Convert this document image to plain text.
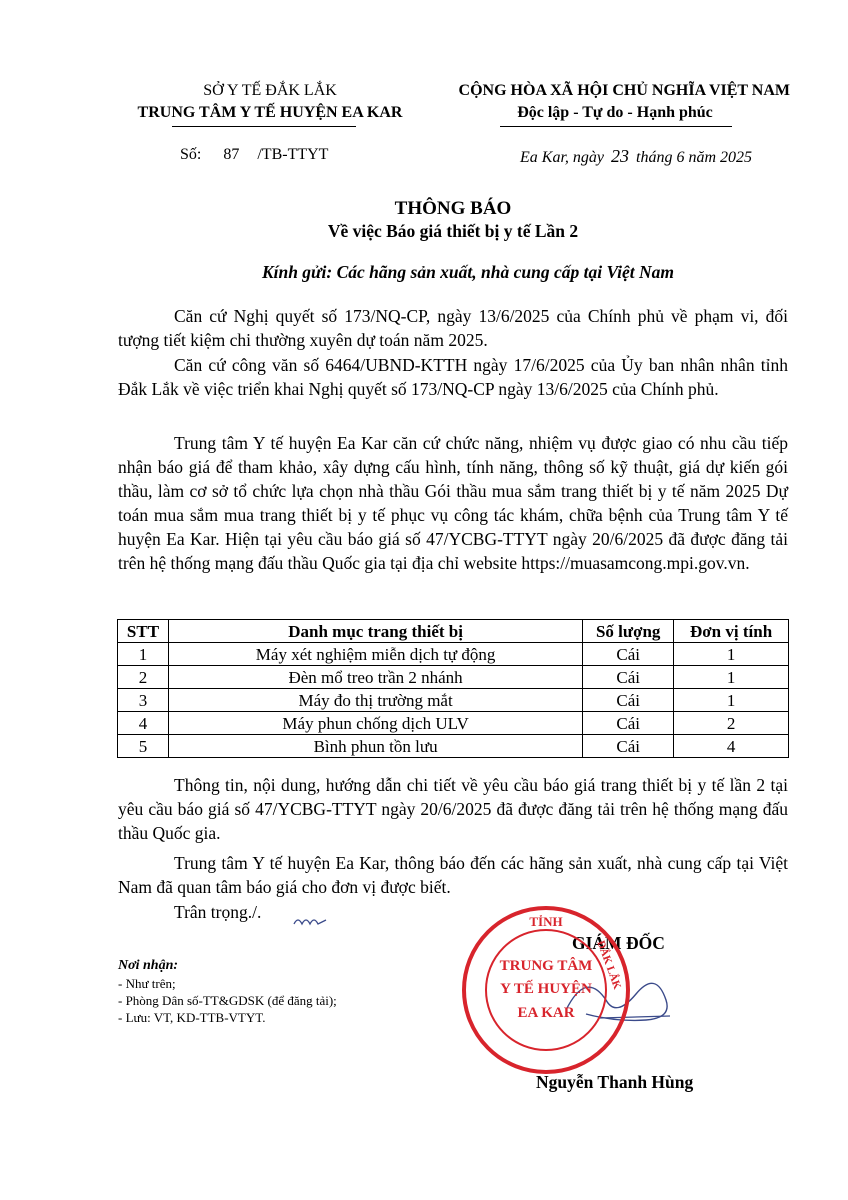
SỞ Y TẾ ĐẮK LẮK
TRUNG TÂM Y TẾ HUYỆN EA KAR
CỘNG HÒA XÃ HỘI CHỦ NGHĨA VIỆT NAM
Độc lập - Tự do - Hạnh phúc
Số: 87 /TB-TTYT	Ea Kar, ngày 23 tháng 6 năm 2025
THÔNG BÁO
Về việc Báo giá thiết bị y tế Lần 2
Kính gửi: Các hãng sản xuất, nhà cung cấp tại Việt Nam

Căn cứ Nghị quyết số 173/NQ-CP, ngày 13/6/2025 của Chính phủ về phạm vi, đối tượng tiết kiệm chi thường xuyên dự toán năm 2025.

Căn cứ công văn số 6464/UBND-KTTH ngày 17/6/2025 của Ủy ban nhân nhân tỉnh Đắk Lắk về việc triển khai Nghị quyết số 173/NQ-CP ngày 13/6/2025 của Chính phủ.

Trung tâm Y tế huyện Ea Kar căn cứ chức năng, nhiệm vụ được giao có nhu cầu tiếp nhận báo giá để tham khảo, xây dựng cấu hình, tính năng, thông số kỹ thuật, giá dự kiến gói thầu, làm cơ sở tổ chức lựa chọn nhà thầu Gói thầu mua sắm trang thiết bị y tế năm 2025 Dự toán mua sắm mua trang thiết bị y tế phục vụ công tác khám, chữa bệnh của Trung tâm Y tế huyện Ea Kar. Hiện tại yêu cầu báo giá số 47/YCBG-TTYT ngày 20/6/2025 đã được đăng tải trên hệ thống mạng đấu thầu Quốc gia tại địa chỉ website https://muasamcong.mpi.gov.vn.

STT	Danh mục trang thiết bị	Số lượng	Đơn vị tính
1	Máy xét nghiệm miễn dịch tự động	Cái	1
2	Đèn mổ treo trần 2 nhánh	Cái	1
3	Máy đo thị trường mắt	Cái	1
4	Máy phun chống dịch ULV	Cái	2
5	Bình phun tồn lưu	Cái	4

Thông tin, nội dung, hướng dẫn chi tiết về yêu cầu báo giá trang thiết bị y tế lần 2 tại yêu cầu báo giá số 47/YCBG-TTYT ngày 20/6/2025 đã được đăng tải trên hệ thống mạng đấu thầu Quốc gia.

Trung tâm Y tế huyện Ea Kar, thông báo đến các hãng sản xuất, nhà cung cấp tại Việt Nam đã quan tâm báo giá cho đơn vị được biết.

Trân trọng./.
Nơi nhận:
- Như trên;
- Phòng Dân số-TT&GDSK (để đăng tải);
- Lưu: VT, KD-TTB-VTYT.
GIÁM ĐỐC
TỈNH
ĐẮK LẮK
TRUNG TÂM
Y TẾ HUYỆN
EA KAR
Nguyễn Thanh Hùng
